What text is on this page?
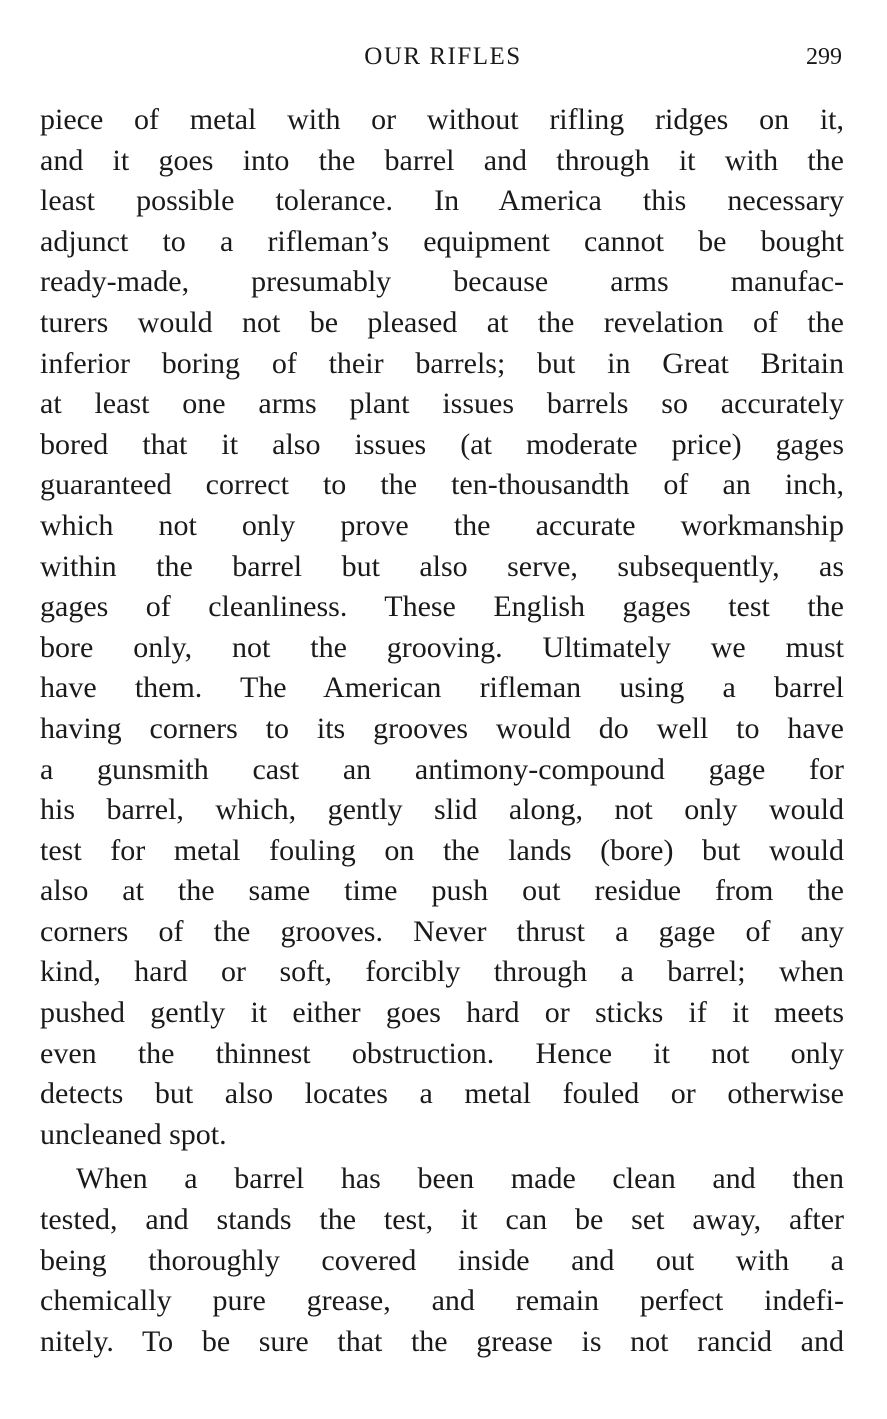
OUR RIFLES	299
piece of metal with or without rifling ridges on it,
and it goes into the barrel and through it with the
least possible tolerance. In America this necessary
adjunct to a rifleman’s equipment cannot be bought
ready-made, presumably because arms manufac-
turers would not be pleased at the revelation of the
inferior boring of their barrels; but in Great Britain
at least one arms plant issues barrels so accurately
bored that it also issues (at moderate price) gages
guaranteed correct to the ten-thousandth of an inch,
which not only prove the accurate workmanship
within the barrel but also serve, subsequently, as
gages of cleanliness. These English gages test the
bore only, not the grooving. Ultimately we must
have them. The American rifleman using a barrel
having corners to its grooves would do well to have
a gunsmith cast an antimony-compound gage for
his barrel, which, gently slid along, not only would
test for metal fouling on the lands (bore) but would
also at the same time push out residue from the
corners of the grooves. Never thrust a gage of any
kind, hard or soft, forcibly through a barrel; when
pushed gently it either goes hard or sticks if it meets
even the thinnest obstruction. Hence it not only
detects but also locates a metal fouled or otherwise
uncleaned spot.
When a barrel has been made clean and then
tested, and stands the test, it can be set away, after
being thoroughly covered inside and out with a
chemically pure grease, and remain perfect indefi-
nitely. To be sure that the grease is not rancid and
